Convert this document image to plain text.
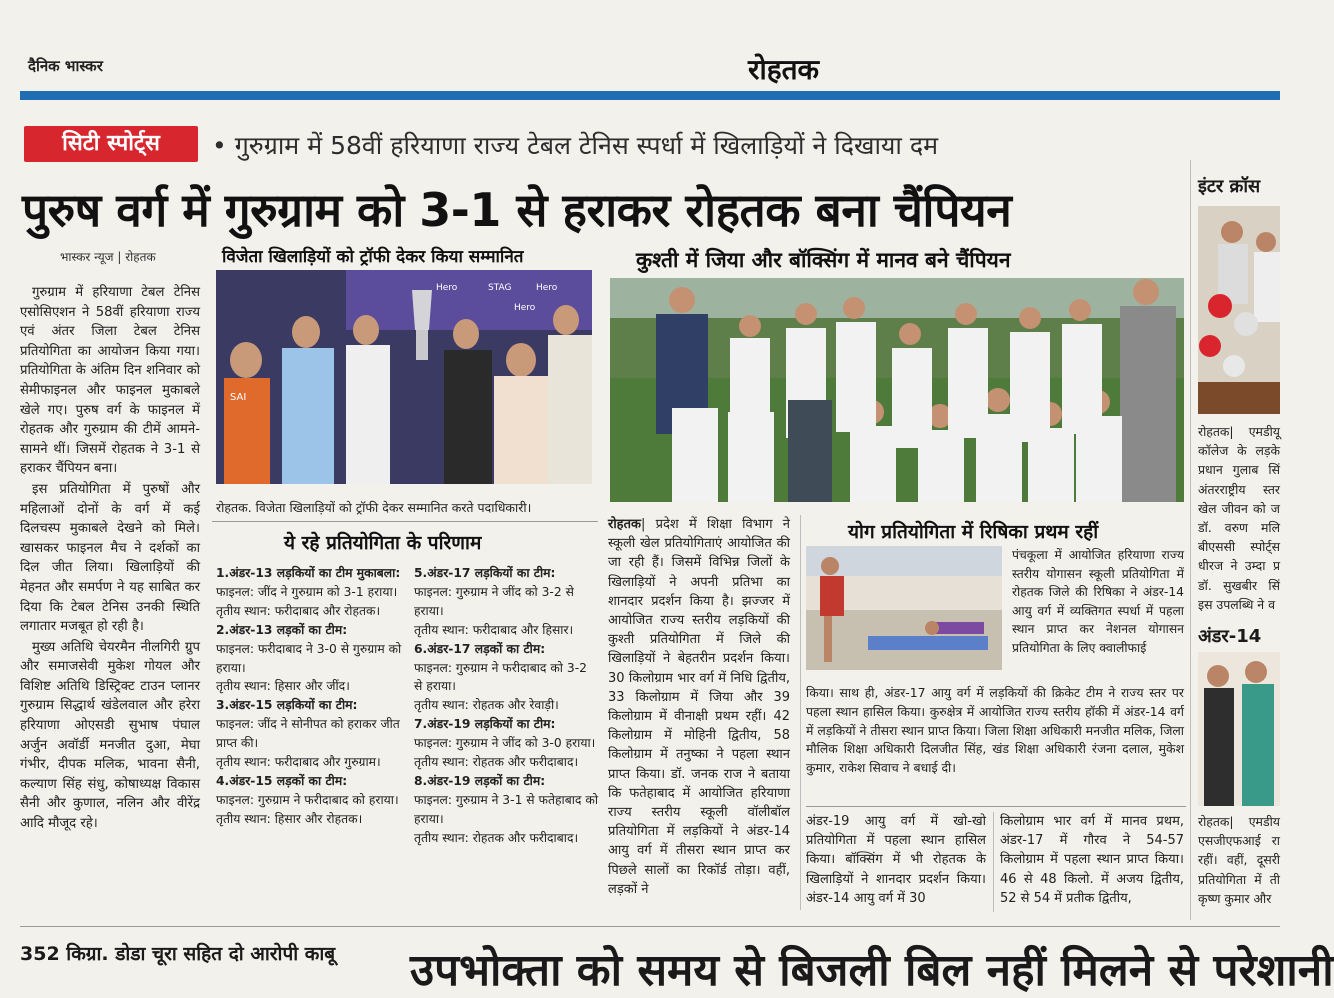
दैनिक भास्कर	रोहतक
सिटी स्पोर्ट्स	• गुरुग्राम में 58वीं हरियाणा राज्य टेबल टेनिस स्पर्धा में खिलाड़ियों ने दिखाया दम
पुरुष वर्ग में गुरुग्राम को 3-1 से हराकर रोहतक बना चैंपियन
भास्कर न्यूज | रोहतक

गुरुग्राम में हरियाणा टेबल टेनिस एसोसिएशन ने 58वीं हरियाणा राज्य एवं अंतर जिला टेबल टेनिस प्रतियोगिता का आयोजन किया गया। प्रतियोगिता के अंतिम दिन शनिवार को सेमीफाइनल और फाइनल मुकाबले खेले गए। पुरुष वर्ग के फाइनल में रोहतक और गुरुग्राम की टीमें आमने-सामने थीं। जिसमें रोहतक ने 3-1 से हराकर चैंपियन बना।

इस प्रतियोगिता में पुरुषों और महिलाओं दोनों के वर्ग में कई दिलचस्प मुकाबले देखने को मिले। खासकर फाइनल मैच ने दर्शकों का दिल जीत लिया। खिलाड़ियों की मेहनत और समर्पण ने यह साबित कर दिया कि टेबल टेनिस उनकी स्थिति लगातार मजबूत हो रही है।

मुख्य अतिथि चेयरमैन नीलगिरी ग्रुप और समाजसेवी मुकेश गोयल और विशिष्ट अतिथि डिस्ट्रिक्ट टाउन प्लानर गुरुग्राम सिद्धार्थ खंडेलवाल और हरेरा हरियाणा ओएसडी सुभाष पंघाल अर्जुन अवॉर्डी मनजीत दुआ, मेघा गंभीर, दीपक मलिक, भावना सैनी, कल्याण सिंह संधु, कोषाध्यक्ष विकास सैनी और कुणाल, नलिन और वीरेंद्र आदि मौजूद रहे।

विजेता खिलाड़ियों को ट्रॉफी देकर किया सम्मानित
Hero	STAG
Hero
Hero
SAI
रोहतक. विजेता खिलाड़ियों को ट्रॉफी देकर सम्मानित करते पदाधिकारी।
ये रहे प्रतियोगिता के परिणाम
1.अंडर-13 लड़कियों का टीम मुकाबला:
फाइनल: जींद ने गुरुग्राम को 3-1 हराया।
तृतीय स्थान: फरीदाबाद और रोहतक।
2.अंडर-13 लड़कों का टीम:
फाइनल: फरीदाबाद ने 3-0 से गुरुग्राम को हराया।
तृतीय स्थान: हिसार और जींद।
3.अंडर-15 लड़कियों का टीम:
फाइनल: जींद ने सोनीपत को हराकर जीत प्राप्त की।
तृतीय स्थान: फरीदाबाद और गुरुग्राम।
4.अंडर-15 लड़कों का टीम:
फाइनल: गुरुग्राम ने फरीदाबाद को हराया।
तृतीय स्थान: हिसार और रोहतक।
5.अंडर-17 लड़कियों का टीम:
फाइनल: गुरुग्राम ने जींद को 3-2 से हराया।
तृतीय स्थान: फरीदाबाद और हिसार।
6.अंडर-17 लड़कों का टीम:
फाइनल: गुरुग्राम ने फरीदाबाद को 3-2 से हराया।
तृतीय स्थान: रोहतक और रेवाड़ी।
7.अंडर-19 लड़कियों का टीम:
फाइनल: गुरुग्राम ने जींद को 3-0 हराया।
तृतीय स्थान: रोहतक और फरीदाबाद।
8.अंडर-19 लड़कों का टीम:
फाइनल: गुरुग्राम ने 3-1 से फतेहाबाद को हराया।
तृतीय स्थान: रोहतक और फरीदाबाद।
कुश्ती में जिया और बॉक्सिंग में मानव बने चैंपियन
रोहतक| प्रदेश में शिक्षा विभाग ने स्कूली खेल प्रतियोगिताएं आयोजित की जा रही हैं। जिसमें विभिन्न जिलों के खिलाड़ियों ने अपनी प्रतिभा का शानदार प्रदर्शन किया है। झज्जर में आयोजित राज्य स्तरीय लड़कियों की कुश्ती प्रतियोगिता में जिले की खिलाड़ियों ने बेहतरीन प्रदर्शन किया। 30 किलोग्राम भार वर्ग में निधि द्वितीय, 33 किलोग्राम में जिया और 39 किलोग्राम में वीनाक्षी प्रथम रहीं। 42 किलोग्राम में मोहिनी द्वितीय, 58 किलोग्राम में तनुष्का ने पहला स्थान प्राप्त किया। डॉ. जनक राज ने बताया कि फतेहाबाद में आयोजित हरियाणा राज्य स्तरीय स्कूली वॉलीबॉल प्रतियोगिता में लड़कियों ने अंडर-14 आयु वर्ग में तीसरा स्थान प्राप्त कर पिछले सालों का रिकॉर्ड तोड़ा। वहीं, लड़कों ने
योग प्रतियोगिता में रिषिका प्रथम रहीं
पंचकूला में आयोजित हरियाणा राज्य स्तरीय योगासन स्कूली प्रतियोगिता में रोहतक जिले की रिषिका ने अंडर-14 आयु वर्ग में व्यक्तिगत स्पर्धा में पहला स्थान प्राप्त कर नेशनल योगासन प्रतियोगिता के लिए क्वालीफाई
किया। साथ ही, अंडर-17 आयु वर्ग में लड़कियों की क्रिकेट टीम ने राज्य स्तर पर पहला स्थान हासिल किया। कुरुक्षेत्र में आयोजित राज्य स्तरीय हॉकी में अंडर-14 वर्ग में लड़कियों ने तीसरा स्थान प्राप्त किया। जिला शिक्षा अधिकारी मनजीत मलिक, जिला मौलिक शिक्षा अधिकारी दिलजीत सिंह, खंड शिक्षा अधिकारी रंजना दलाल, मुकेश कुमार, राकेश सिवाच ने बधाई दी।
अंडर-19 आयु वर्ग में खो-खो प्रतियोगिता में पहला स्थान हासिल किया। बॉक्सिंग में भी रोहतक के खिलाड़ियों ने शानदार प्रदर्शन किया। अंडर-14 आयु वर्ग में 30
किलोग्राम भार वर्ग में मानव प्रथम, अंडर-17 में गौरव ने 54-57 किलोग्राम में पहला स्थान प्राप्त किया। 46 से 48 किलो. में अजय द्वितीय, 52 से 54 में प्रतीक द्वितीय,
इंटर क्रॉस
रोहतक| एमडीयू कॉलेज के लड़के प्रधान गुलाब सिं अंतरराष्ट्रीय स्तर खेल जीवन को ज डॉ. वरुण मलि बीएससी स्पोर्ट्स धीरज ने उम्दा प्र डॉ. सुखबीर सिं इस उपलब्धि ने व
अंडर-14
रोहतक| एमडीय एसजीएफआई रा रहीं। वहीं, दूसरी प्रतियोगिता में ती कृष्ण कुमार और
352 किग्रा. डोडा चूरा सहित दो आरोपी काबू उपभोक्ता को समय से बिजली बिल नहीं मिलने से परेशानी
